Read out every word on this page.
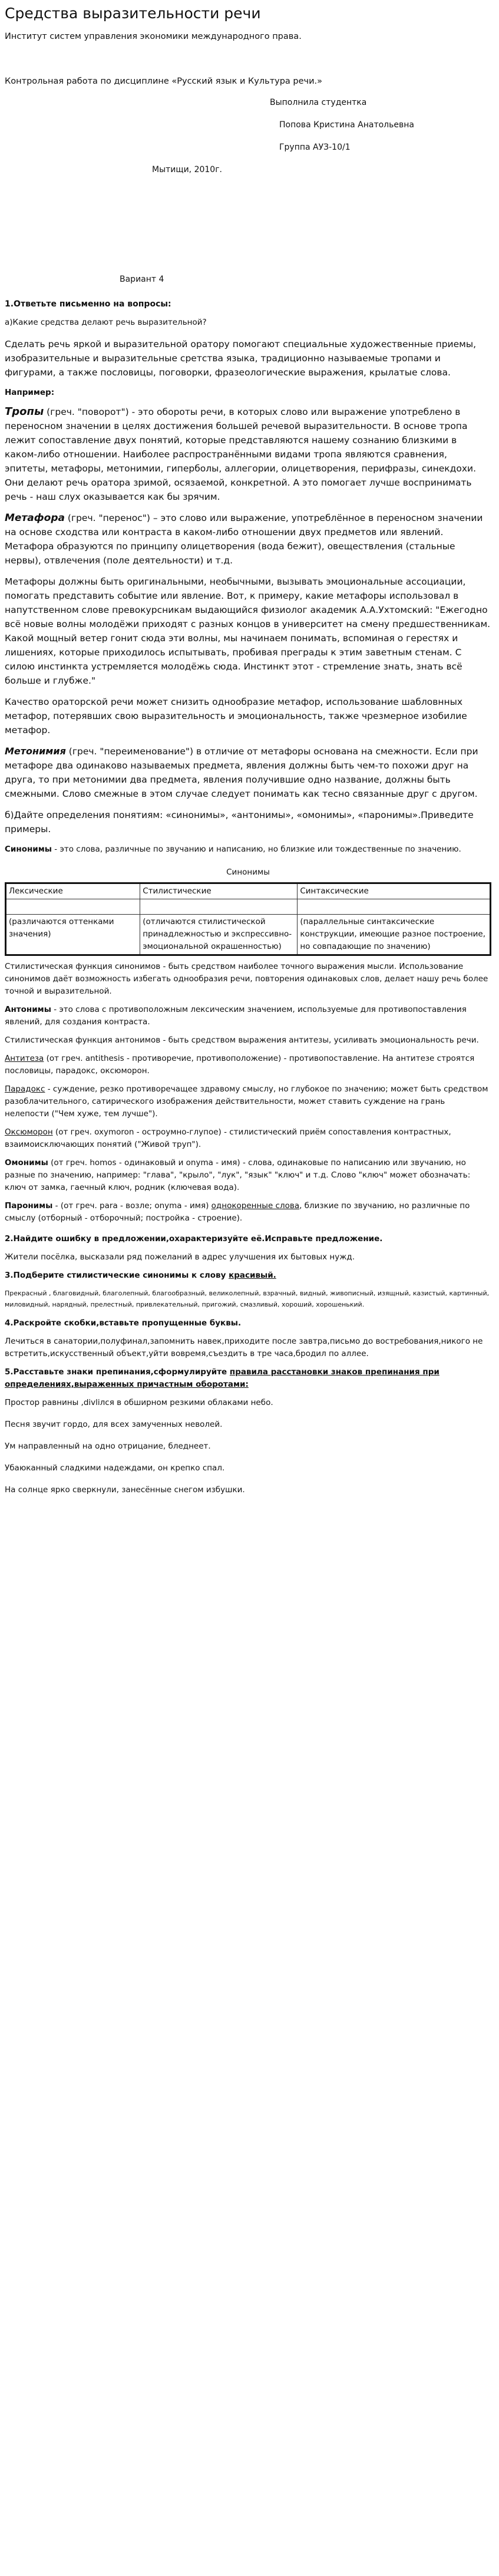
Средства выразительности речи
Институт систем управления экономики международного права.
Контрольная работа по дисциплине «Русский язык и Культура речи.»
Выполнила студентка
Попова Кристина Анатольевна
Группа АУЗ-10/1
Мытищи, 2010г.
Вариант 4
1.Ответьте письменно на вопросы:
а)Какие средства делают речь выразительной?
Сделать речь яркой и выразительной оратору помогают специальные художественные приемы, изобразительные и выразительные сретства языка, традиционно называемые тропами и фигурами, а также пословицы, поговорки, фразеологические выражения, крылатые слова.
Например:
Тропы (греч. "поворот") - это обороты речи, в которых слово или выражение употреблено в переносном значении в целях достижения большей речевой выразительности. В основе тропа лежит сопоставление двух понятий, которые представляются нашему сознанию близкими в каком-либо отношении. Наиболее распространёнными видами тропа являются сравнения, эпитеты, метафоры, метонимии, гиперболы, аллегории, олицетворения, перифразы, синекдохи. Они делают речь оратора зримой, осязаемой, конкретной. А это помогает лучше воспринимать речь - наш слух оказывается как бы зрячим.
Метафора (греч. "перенос") – это слово или выражение, употреблённое в переносном значении на основе сходства или контраста в каком-либо отношении двух предметов или явлений. Метафора образуются по принципу олицетворения (вода бежит), овеществления (стальные нервы), отвлечения (поле деятельности) и т.д.
Метафоры должны быть оригинальными, необычными, вызывать эмоциональные ассоциации, помогать представить событие или явление. Вот, к примеру, какие метафоры использовал в напутственном слове превокурсникам выдающийся физиолог академик А.А.Ухтомский: "Ежегодно всё новые волны молодёжи приходят с разных концов в университет на смену предшественникам. Какой мощный ветер гонит сюда эти волны, мы начинаем понимать, вспоминая о герестях и лишениях, которые приходилось испытывать, пробивая преграды к этим заветным стенам. С силою инстинкта устремляется молодёжь сюда. Инстинкт этот - стремление знать, знать всё больше и глубже."
Качество ораторской речи может снизить однообразие метафор, использование шабловнных метафор, потерявших свою выразительность и эмоциональность, также чрезмерное изобилие метафор.
Метонимия (греч. "переименование") в отличие от метафоры основана на смежности. Если при метафоре два одинаково называемых предмета, явления должны быть чем-то похожи друг на друга, то при метонимии два предмета, явления получившие одно название, должны быть смежными. Слово смежные в этом случае следует понимать как тесно связанные друг с другом.
б)Дайте определения понятиям: «синонимы», «антонимы», «омонимы», «паронимы».Приведите примеры.
Синонимы - это слова, различные по звучанию и написанию, но близкие или тождественные по значению.
Синонимы
Лексические	Стилистические	Синтаксические

(различаются оттенками значения)	(отличаются стилистической принадлежностью и экспрессивно-эмоциональной окрашенностью)	(параллельные синтаксические конструкции, имеющие разное построение, но совпадающие по значению)
Стилистическая функция синонимов - быть средством наиболее точного выражения мысли. Использование синонимов даёт возможность избегать однообразия речи, повторения одинаковых слов, делает нашу речь более точной и выразительной.
Антонимы - это слова с противоположным лексическим значением, используемые для противопоставления явлений, для создания контраста.
Стилистическая функция антонимов - быть средством выражения антитезы, усиливать эмоциональность речи.
Антитеза (от греч. antithesis - противоречие, противоположение) - противопоставление. На антитезе строятся пословицы, парадокс, оксюморон.
Парадокс - суждение, резко противоречащее здравому смыслу, но глубокое по значению; может быть средством разоблачительного, сатирического изображения действительности, может ставить суждение на грань нелепости ("Чем хуже, тем лучше").
Оксюморон (от греч. oxymoron - остроумно-глупое) - стилистический приём сопоставления контрастных, взаимоисключающих понятий ("Живой труп").
Омонимы (от греч. homos - одинаковый и onyma - имя) - слова, одинаковые по написанию или звучанию, но разные по значению, например: "глава", "крыло", "лук", "язык" "ключ" и т.д. Слово "ключ" может обозначать: ключ от замка, гаечный ключ, родник (ключевая вода).
Паронимы - (от греч. para - возле; onyma - имя) однокоренные слова, близкие по звучанию, но различные по смыслу (отборный - отборочный; постройка - строение).
2.Найдите ошибку в предложении,охарактеризуйте её.Исправьте предложение.
Жители посёлка, высказали ряд пожеланий в адрес улучшения их бытовых нужд.
3.Подберите стилистические синонимы к слову красивый.
Прекрасный , благовидный, благолепный, благообразный, великолепный, взрачный, видный, живописный, изящный, казистый, картинный, миловидный, нарядный, прелестный, привлекательный, пригожий, смазливый, хороший, хорошенький.
4.Раскройте скобки,вставьте пропущенные буквы.
Лечиться в санатории,полуфинал,запомнить навек,приходите после завтра,письмо до востребования,никого не встретить,искусственный объект,уйти вовремя,съездить в тре часа,бродил по аллее.
5.Расставьте знаки препинания,сформулируйте правила расстановки знаков препинания при определениях,выраженных причастным оборотами:
Простор равнины ,divliлся в обширном резкими облаками небо.
Песня звучит гордо, для всех замученных неволей.
Ум направленный на одно отрицание, бледнеет.
Убаюканный сладкими надеждами, он крепко спал.
На солнце ярко сверкнули, занесённые снегом избушки.
